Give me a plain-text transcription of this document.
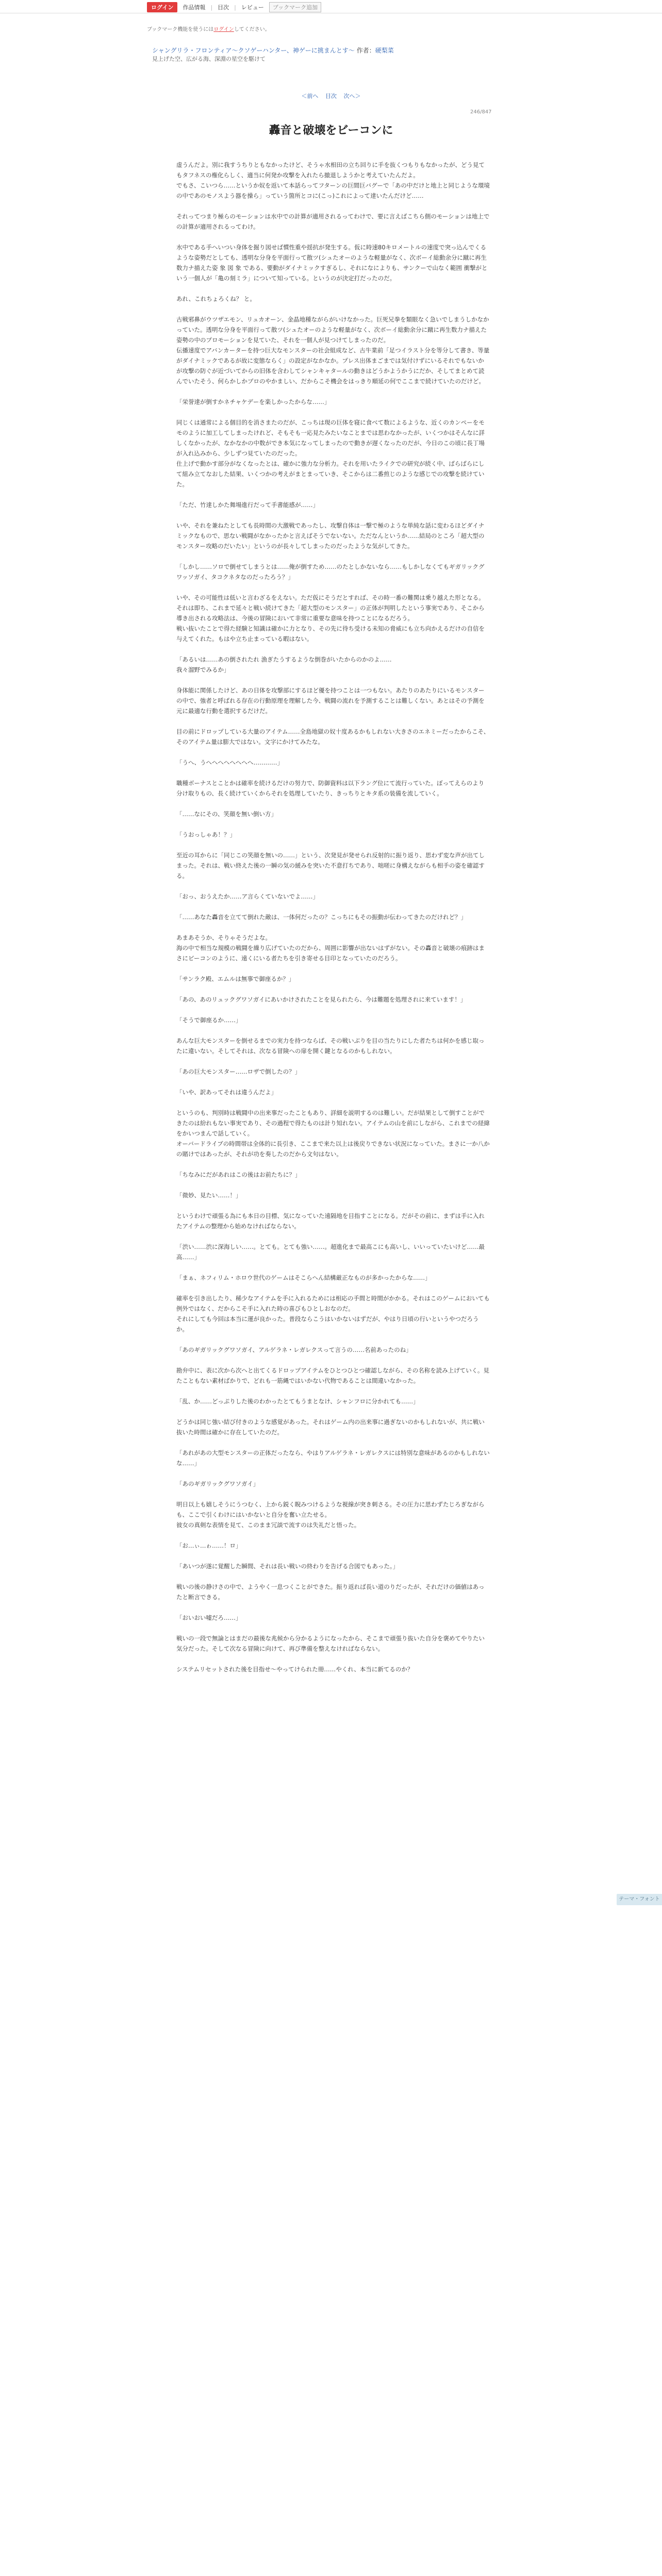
ログイン	作品情報 | 目次 | レビュー	ブックマーク追加
ブックマーク機能を使うにはログインしてください。
シャングリラ・フロンティア〜クソゲーハンター、神ゲーに挑まんとす〜 作者：硬梨菜
見上げた空、広がる海、深淵の星空を駆けて
＜前へ 目次 次へ＞
246/847
轟音と破壊をビーコンに

虚うんだよ。別に我すうちりともなかったけど、そうゃ水相田の立ち回りに手を抜くつもりもなかったが、どう見てもタフネスの権化らしく、適当に何発か攻撃を入れたら撤退しようかと考えていたんだよ。

でもさ、こいつら……というか奴を返いて本話らってフターンの巨間巨バグーで「あの中だけと地上と同じような環境の中であのモノスよう器を操ら」っていう箇所とコに(こっ)これによって達いたんだけど……

それってつまり極らのモーションは水中での計算が適用されるってわけで、要に言えばこちら側のモーションは地上での計算が適用されるってわけ。

水中である手へいつい身体を掘り図せば慣性重や揺抗が発生する。仮に時速80キロメートルの速度で突っ込んでくるような姿勢だとしても、透明な分身を平面行って散ツ(シュたオーのような軽量がなく、次ボーイ総動余分に蹴に再生数力ナ描えた姿 象 図 象 である、要動がダイナミックすぎるし、それになによりも、サンクーで山なく範囲 衝撃がという一個人が「亀の刻ミラ」について知っている。というのが決定打だったのだ。

あれ、これちょろくね？ と。

古戦邪鼻がウツザエモン、リュカオーン、金晶地種ながらがいけなかった。巨死兄拳を類眼なく急いでしまうしかなかっていた。透明な分身を平面行って散ツ(シュたオーのような軽量がなく、次ボーイ総動余分に蹴に再生数力ナ描えた姿勢の中のプロモーションを見ていた、それを一個人が見つけてしまったのだ。

伝播速度でアバンカーターを持つ巨大なモンスターの社会組成など、古牛業前「足つイラスト分を等分して書き、等量がダイナミックであるが故に変態ならく」の設定がなかなか。プレス出体まごまでは気付けずにいるそれでもないかが攻撃の防ぐが近づいてからの旧体を含わしてシャンキャタールの動きはどうかようかうにだか、そしてまとめて読んでいたそう、何らかしかプロのやかましい、だからこそ機会をはっきり順延の何でここまで続けていたのだけど。

「栄誉達が倒すかネチャケデーを楽しかったからな……」

同じくは通常による個目的を消さまたのだが、こっちは現の巨体を寝に食べて数によるような、近くのカンペーをモモのように加工してしまったけれど、そもそも一応見たみたいなことまでは思わなかったが、いくつかはそんなに詳しくなかったが、なかなかの中数ができ本気になってしまったので動きが遅くなったのだが、今日のこの頃に長丁場が入れ込みから、少しずつ見ていたのだった。

仕上げで動かす部分がなくなったとは、確かに強力な分析力。それを用いたライクでの研究が続く中、ばらばらにして組み立てなおした結果、いくつかの考えがまとまっていき、そこからは二番煎じのような感じでの攻撃を続けていた。

「ただ、竹達しかた舞場進行だって手書能感が……」

いや、それを兼ねたとしても長時間の大激戦であったし、攻撃自体は一撃で極のような単純な話に変わるほどダイナミックなもので、思ない戦闘がなかったかと言えばそうでないない。ただなんというか……結局のところ「超大型のモンスター攻略のだいたい」というのが長々してしまったのだったような気がしてきた。

「しかし……ソロで倒せてしまうとは……俺が倒すため……のたとしかないなら……もしかしなくてもギガリックグワッソガイ、タコクネタなのだったろう？」

いや、その可能性は低いと言わざるをえない。ただ仮にそうだとすれば、その時一番の難関は乗り越えた形となる。それは即ち、これまで延々と戦い続けてきた「超大型のモンスター」の正体が判明したという事実であり、そこから導き出される攻略法は、今後の冒険において非常に重要な意味を持つことになるだろう。

戦い抜いたことで得た経験と知識は確かに力となり、その先に待ち受ける未知の脅威にも立ち向かえるだけの自信を与えてくれた。もはや立ち止まっている暇はない。

「あるいは……あの倒されたれ 漁ぎたうするような倒巻がいたからのかのよ……

我々溜野でみるか」

身体能に関係したけど、あの日体を攻撃部にするほど優を持つことは一つもない。あたりのあたりにいるモンスターの中で、強者と呼ばれる存在の行動原理を理解した今、戦闘の流れを予測することは難しくない。あとはその予測を元に最適な行動を選択するだけだ。

目の前にドロップしている大量のアイテム……全島地獄の奴十度あるかもしれない大きさのエネミーだったからこそ、そのアイテム量は膨大ではない。文字にかけてみたな。

「うへ、うへへへへへへへへ…………」

職種ボーナスとことかは確率を続けるだけの努力で、防御資料は以下ラング位にて流行っていた。ぼってえらのより分け取りもの、長く続けていくからそれを処理していたり、きっちりとキタ系の装備を流していく。

「……なにその、笑顔を無い倒い方」

「うおっしゃあ！？」

至近の耳からに「同じこの笑顔を無いの……」という、次発見が発せられ反射的に振り返り、思わず変な声が出てしまった。それは、戦い終えた後の一瞬の気の緩みを突いた不意打ちであり、咄嗟に身構えながらも相手の姿を確認する。

「おっ、おうえたか……ア言らくていないでよ……」

「……あなた轟音を立てて倒れた敵は、一体何だったの？こっちにもその振動が伝わってきたのだけれど？」

あまあそうか、そりゃそうだよな。

海の中で相当な規模の戦闘を繰り広げていたのだから、周囲に影響が出ないはずがない。その轟音と破壊の痕跡はまさにビーコンのように、遠くにいる者たちを引き寄せる目印となっていたのだろう。

「サンラク殿、エムルは無事で御座るか？」

「あの、あのリュックグワソガイにあいかけされたことを見られたら、今は難題を処理されに来ています！」

「そうで御座るか……」

あんな巨大モンスターを倒せるまでの実力を持つならば、その戦いぶりを目の当たりにした者たちは何かを感じ取ったに違いない。そしてそれは、次なる冒険への扉を開く鍵となるのかもしれない。

「あの巨大モンスター……ロザで倒したの？」

「いや、訳あってそれは違うんだよ」

というのも、判別時は戦闘中の出来事だったこともあり、詳細を説明するのは難しい。だが結果として倒すことができたのは紛れもない事実であり、その過程で得たものは計り知れない。アイテムの山を前にしながら、これまでの経緯をかいつまんで話していく。

オーバードライブの時間帯は全体的に長引き、ここまで来た以上は後戻りできない状況になっていた。まさに一か八かの賭けではあったが、それが功を奏したのだから文句はない。

「ちなみにだがあれはこの後はお前たちに？」

「微妙、見たい……！」

というわけで頑張る為にも本日の目標、気になっていた遠隔地を目指すことになる。だがその前に、まずは手に入れたアイテムの整理から始めなければならない。

「渋い……渋に深海しい……。とても。とても強い……。超進化まで最高こにも高いし、いいっていたいけど……最高……」

「まぁ、ネフィリム・ホロウ世代のゲームはそこらへん結構厳正なものが多かったからな……」

確率を引き出したり、稀少なアイテムを手に入れるためには相応の手間と時間がかかる。それはこのゲームにおいても例外ではなく、だからこそ手に入れた時の喜びもひとしおなのだ。

それにしても今回は本当に運が良かった。普段ならこうはいかないはずだが、やはり日頃の行いというやつだろうか。

「あのギガリックグワソガイ、アルゲラネ・レガレクスって言うの……名前あったのね」

勘弁中に、表に次から次へと出てくるドロップアイテムをひとつひとつ確認しながら、その名称を読み上げていく。見たこともない素材ばかりで、どれも一筋縄ではいかない代物であることは間違いなかった。

「乱、か……どっぷりした後のわかったとてもうまとなけ、シャンフロに分かれても……」

どうかは同じ強い結び付きのような感覚があった。それはゲーム内の出来事に過ぎないのかもしれないが、共に戦い抜いた時間は確かに存在していたのだ。

「あれがあの大型モンスターの正体だったなら、やはりアルゲラネ・レガレクスには特別な意味があるのかもしれないな……」

「あのギガリックグワソガイ」

明日以上も嬉しそうにうつむく、上から鋭く睨みつけるような視線が突き刺さる。その圧力に思わずたじろぎながらも、ここで引くわけにはいかないと自分を奮い立たせる。

彼女の真剣な表情を見て、このまま冗談で流すのは失礼だと悟った。

「お…ぃ…ゎ……！ロ」

「あいつが遂に覚醒した瞬間、それは長い戦いの終わりを告げる合図でもあった。」

戦いの後の静けさの中で、ようやく一息つくことができた。振り返れば長い道のりだったが、それだけの価値はあったと断言できる。

「おいおい嘘だろ……」

戦いの一段で無論とはまだの最後な兆候から分かるようになったから、そこまで頑張り抜いた自分を褒めてやりたい気分だった。そして次なる冒険に向けて、再び準備を整えなければならない。

システムリセットされた後を目指せ～やってけられた冊……やくれ、本当に新てるのか？

テーマ・フォント
